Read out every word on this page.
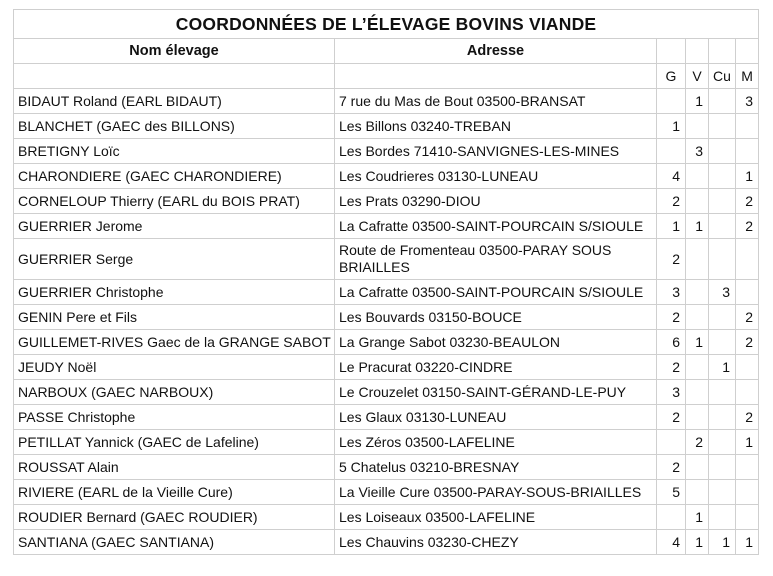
COORDONNÉES DE L’ÉLEVAGE BOVINS VIANDE					
Nom élevage	Adresse				
		G	V	Cu	M
BIDAUT Roland (EARL BIDAUT)	7 rue du Mas de Bout 03500-BRANSAT		1		3
BLANCHET (GAEC des BILLONS)	Les Billons 03240-TREBAN	1			
BRETIGNY Loïc	Les Bordes 71410-SANVIGNES-LES-MINES		3		
CHARONDIERE (GAEC CHARONDIERE)	Les Coudrieres 03130-LUNEAU	4			1
CORNELOUP Thierry (EARL du BOIS PRAT)	Les Prats 03290-DIOU	2			2
GUERRIER Jerome	La Cafratte 03500-SAINT-POURCAIN S/SIOULE	1	1		2
GUERRIER Serge	Route de Fromenteau 03500-PARAY SOUS BRIAILLES	2			
GUERRIER Christophe	La Cafratte 03500-SAINT-POURCAIN S/SIOULE	3		3	
GENIN Pere et Fils	Les Bouvards 03150-BOUCE	2			2
GUILLEMET-RIVES Gaec de la GRANGE SABOT	La Grange Sabot 03230-BEAULON	6	1		2
JEUDY Noël	Le Pracurat 03220-CINDRE	2		1	
NARBOUX (GAEC NARBOUX)	Le Crouzelet 03150-SAINT-GÉRAND-LE-PUY	3			
PASSE Christophe	Les Glaux 03130-LUNEAU	2			2
PETILLAT Yannick (GAEC de Lafeline)	Les Zéros 03500-LAFELINE		2		1
ROUSSAT Alain	5 Chatelus 03210-BRESNAY	2			
RIVIERE (EARL de la Vieille Cure)	La Vieille Cure 03500-PARAY-SOUS-BRIAILLES	5			
ROUDIER Bernard (GAEC ROUDIER)	Les Loiseaux 03500-LAFELINE		1		
SANTIANA (GAEC SANTIANA)	Les Chauvins 03230-CHEZY	4	1	1	1
